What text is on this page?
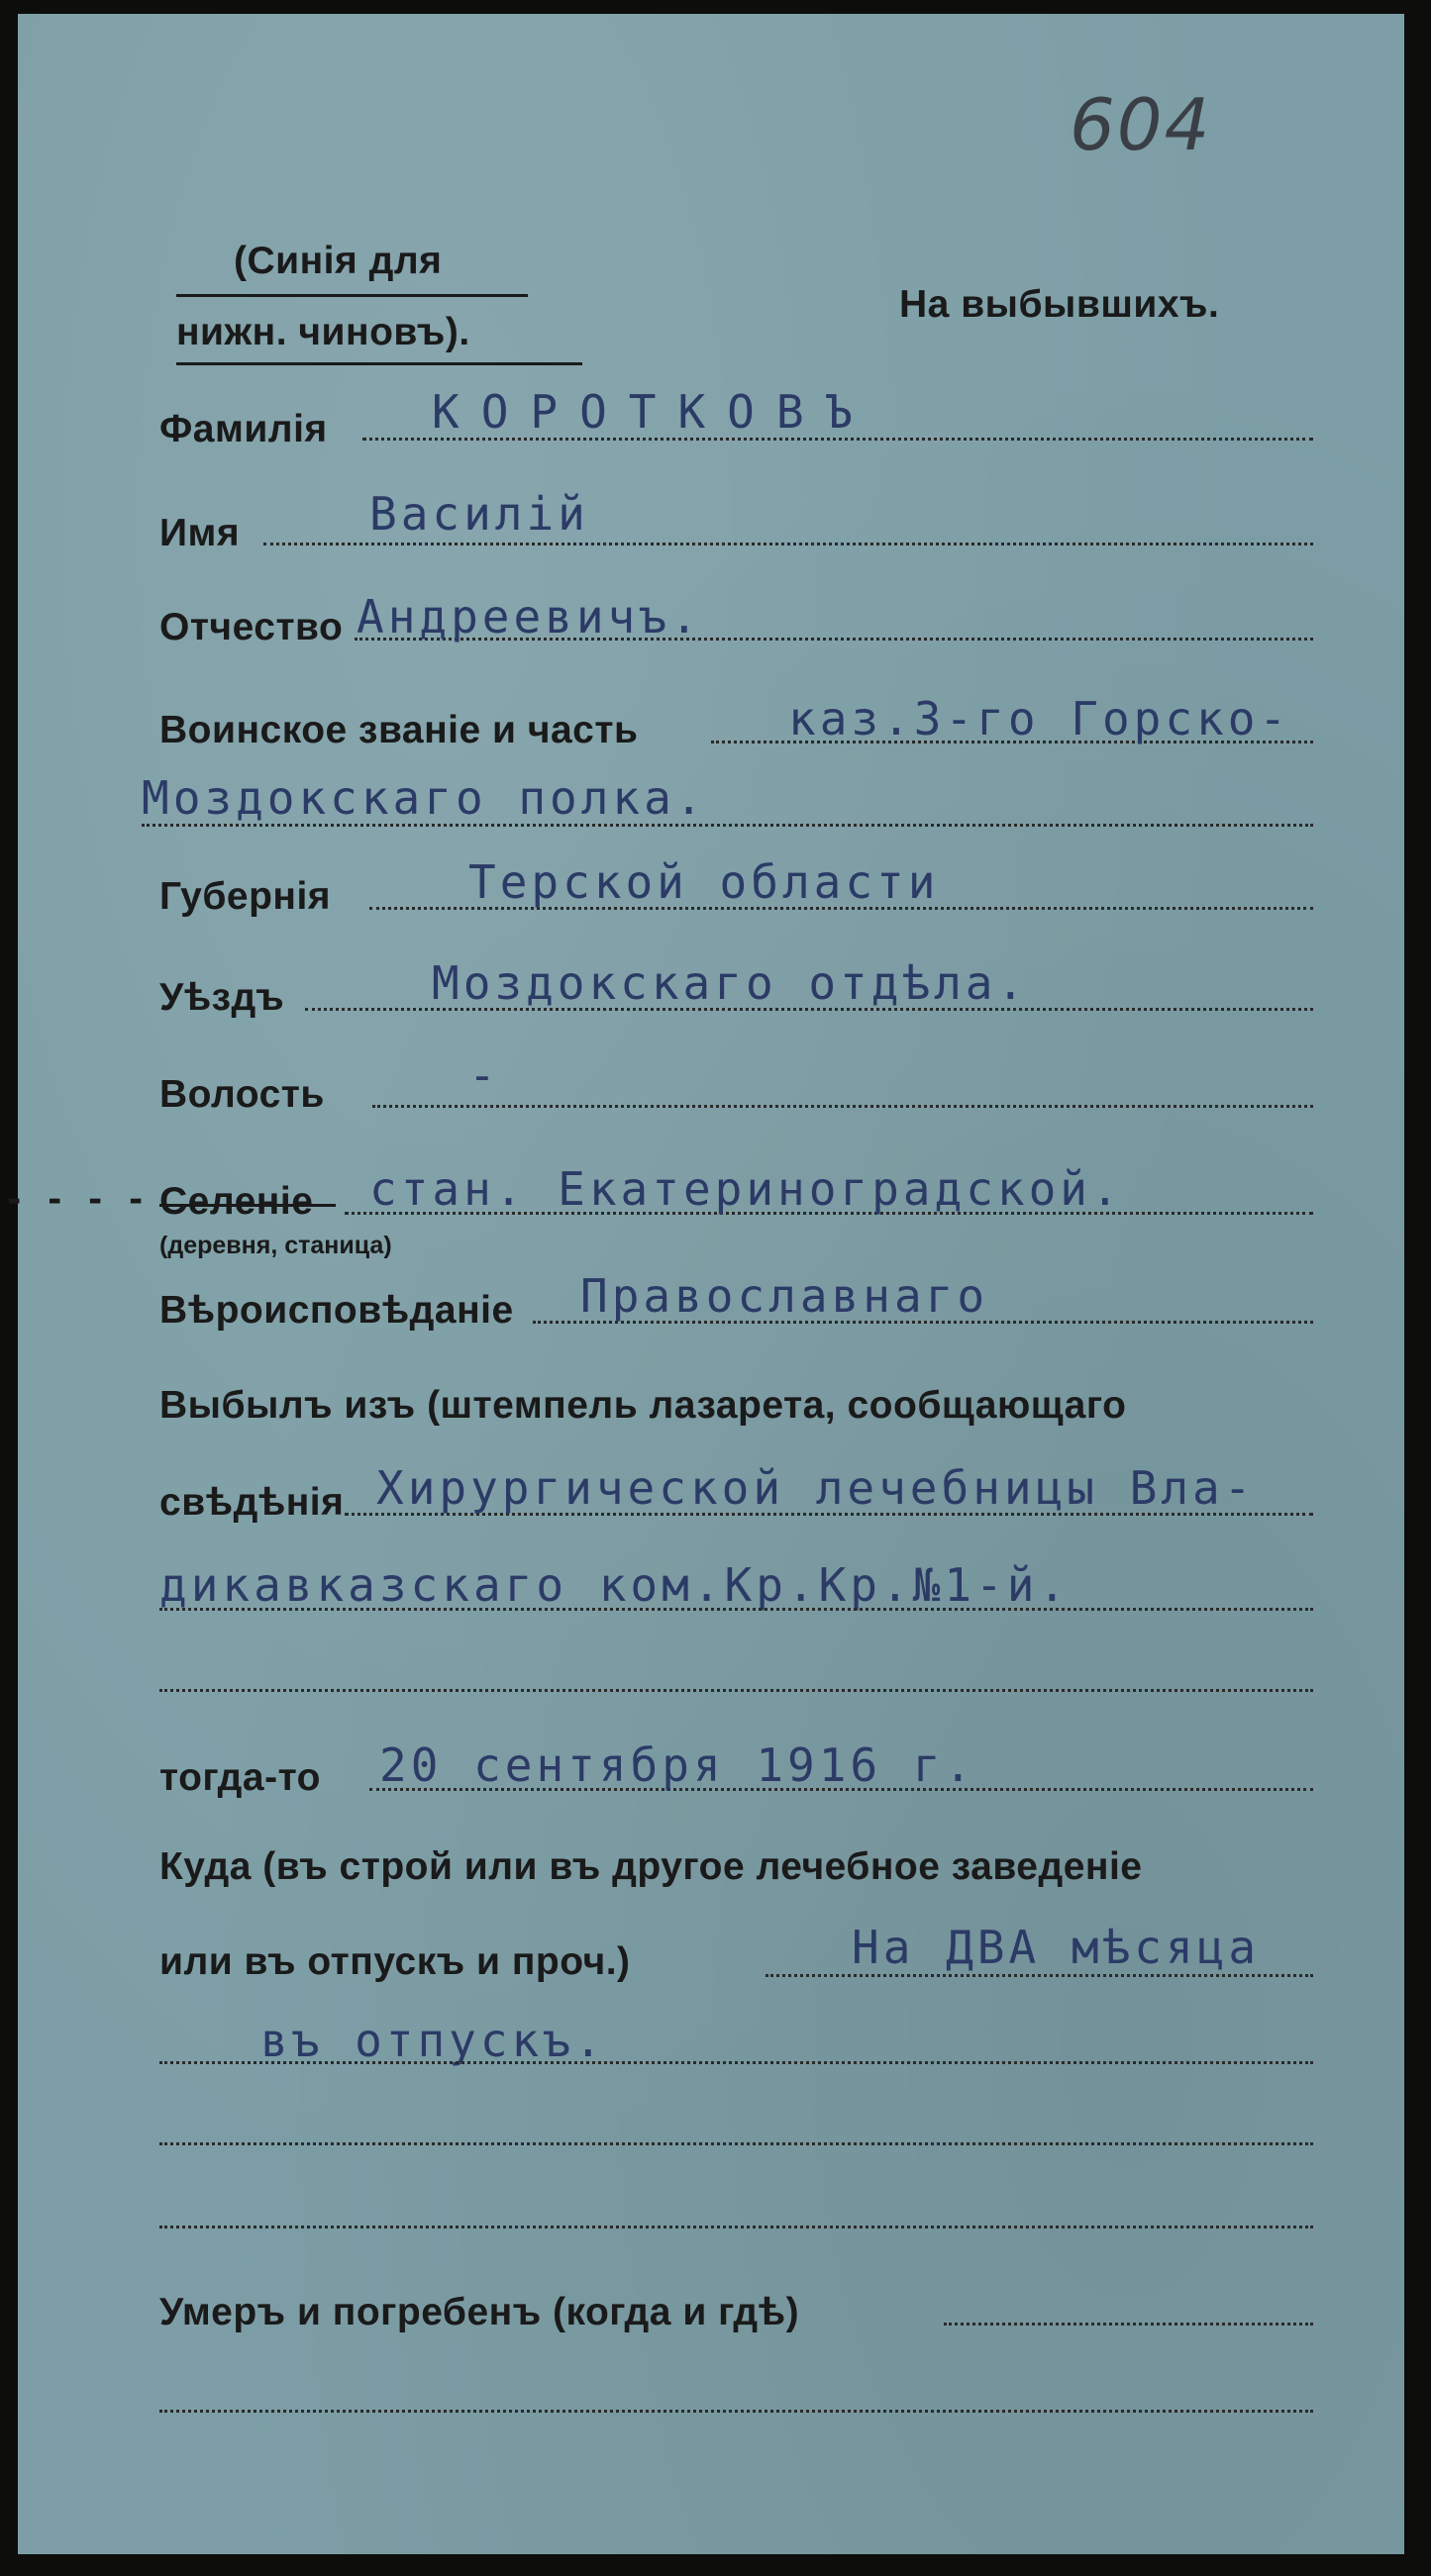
604
(Синія для
нижн. чиновъ).
На выбывшихъ.
Фамилія КОРОТКОВЪ
Имя	Василій
Отчество Андреевичъ.
Воинское званіе и часть	каз.3-го Горско-
Моздокскаго полка.
Губернія	Терской области
Уѣздъ	Моздокскаго отдѣла.
Волость	-
- - - - Селеніе стан. Екатериноградской.
(деревня, станица)
Вѣроисповѣданіе Православнаго
Выбылъ изъ (штемпель лазарета, сообщающаго
свѣдѣнія Хирургической лечебницы Вла-
дикавказскаго ком.Кр.Кр.№1-й.
тогда-то 20 сентября 1916 г.
Куда (въ строй или въ другое лечебное заведеніе
или въ отпускъ и проч.)	На ДВА мѣсяца
въ отпускъ.
Умеръ и погребенъ (когда и гдѣ)
